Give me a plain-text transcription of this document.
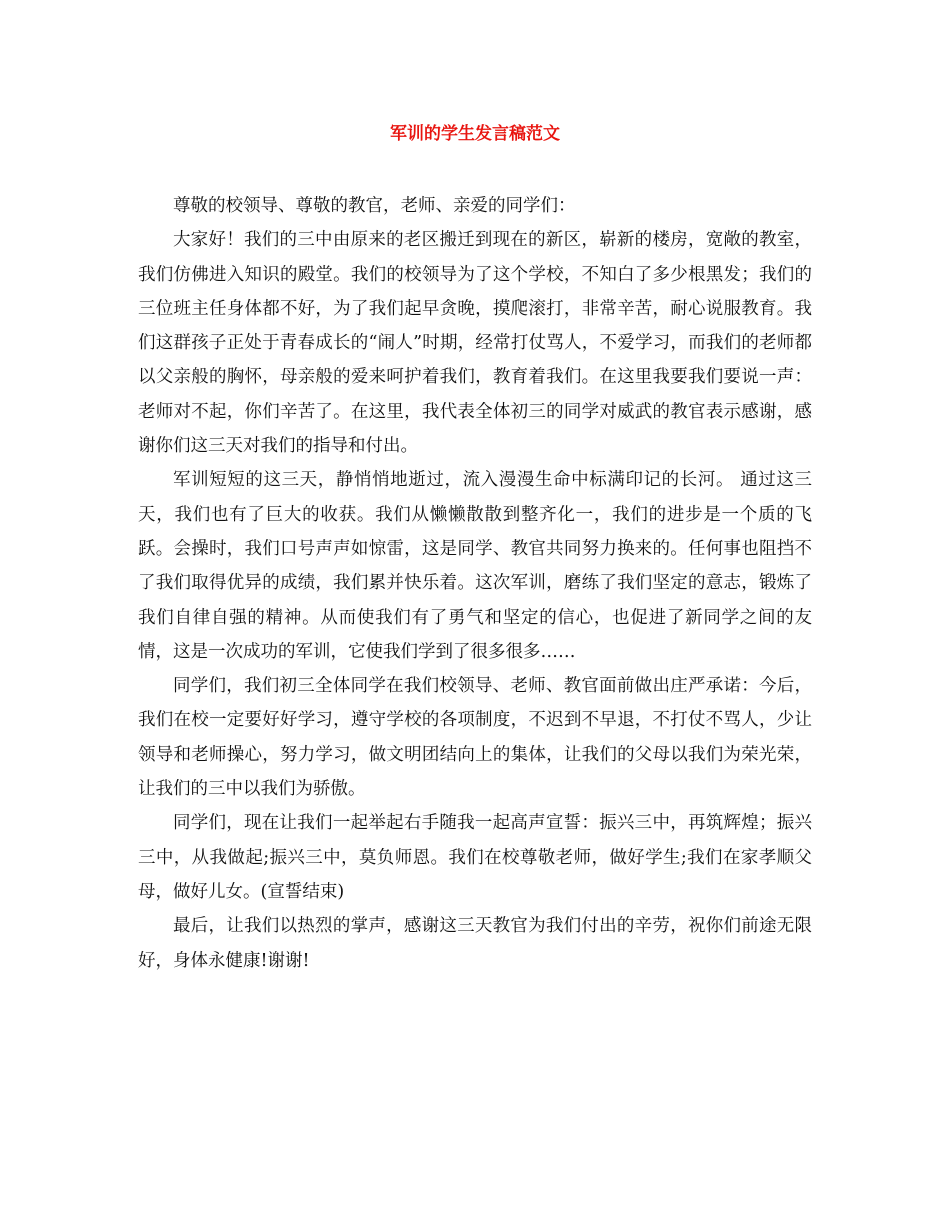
军训的学生发言稿范文

尊敬的校领导、尊敬的教官，老师、亲爱的同学们：

大家好！我们的三中由原来的老区搬迁到现在的新区，崭新的楼房，宽敞的教室，我们仿佛进入知识的殿堂。我们的校领导为了这个学校，不知白了多少根黑发；我们的三位班主任身体都不好，为了我们起早贪晚，摸爬滚打，非常辛苦，耐心说服教育。我们这群孩子正处于青春成长的“闹人”时期，经常打仗骂人，不爱学习，而我们的老师都以父亲般的胸怀，母亲般的爱来呵护着我们，教育着我们。在这里我要我们要说一声：老师对不起，你们辛苦了。在这里，我代表全体初三的同学对威武的教官表示感谢，感谢你们这三天对我们的指导和付出。

军训短短的这三天，静悄悄地逝过，流入漫漫生命中标满印记的长河。 通过这三天，我们也有了巨大的收获。我们从懒懒散散到整齐化一，我们的进步是一个质的飞跃。会操时，我们口号声声如惊雷，这是同学、教官共同努力换来的。任何事也阻挡不了我们取得优异的成绩，我们累并快乐着。这次军训，磨练了我们坚定的意志，锻炼了我们自律自强的精神。从而使我们有了勇气和坚定的信心，也促进了新同学之间的友情，这是一次成功的军训，它使我们学到了很多很多……

同学们，我们初三全体同学在我们校领导、老师、教官面前做出庄严承诺：今后，我们在校一定要好好学习，遵守学校的各项制度，不迟到不早退，不打仗不骂人，少让领导和老师操心，努力学习，做文明团结向上的集体，让我们的父母以我们为荣光荣，让我们的三中以我们为骄傲。

同学们，现在让我们一起举起右手随我一起高声宣誓：振兴三中，再筑辉煌；振兴三中，从我做起;振兴三中，莫负师恩。我们在校尊敬老师，做好学生;我们在家孝顺父母，做好儿女。(宣誓结束)

最后，让我们以热烈的掌声，感谢这三天教官为我们付出的辛劳，祝你们前途无限好，身体永健康!谢谢!
